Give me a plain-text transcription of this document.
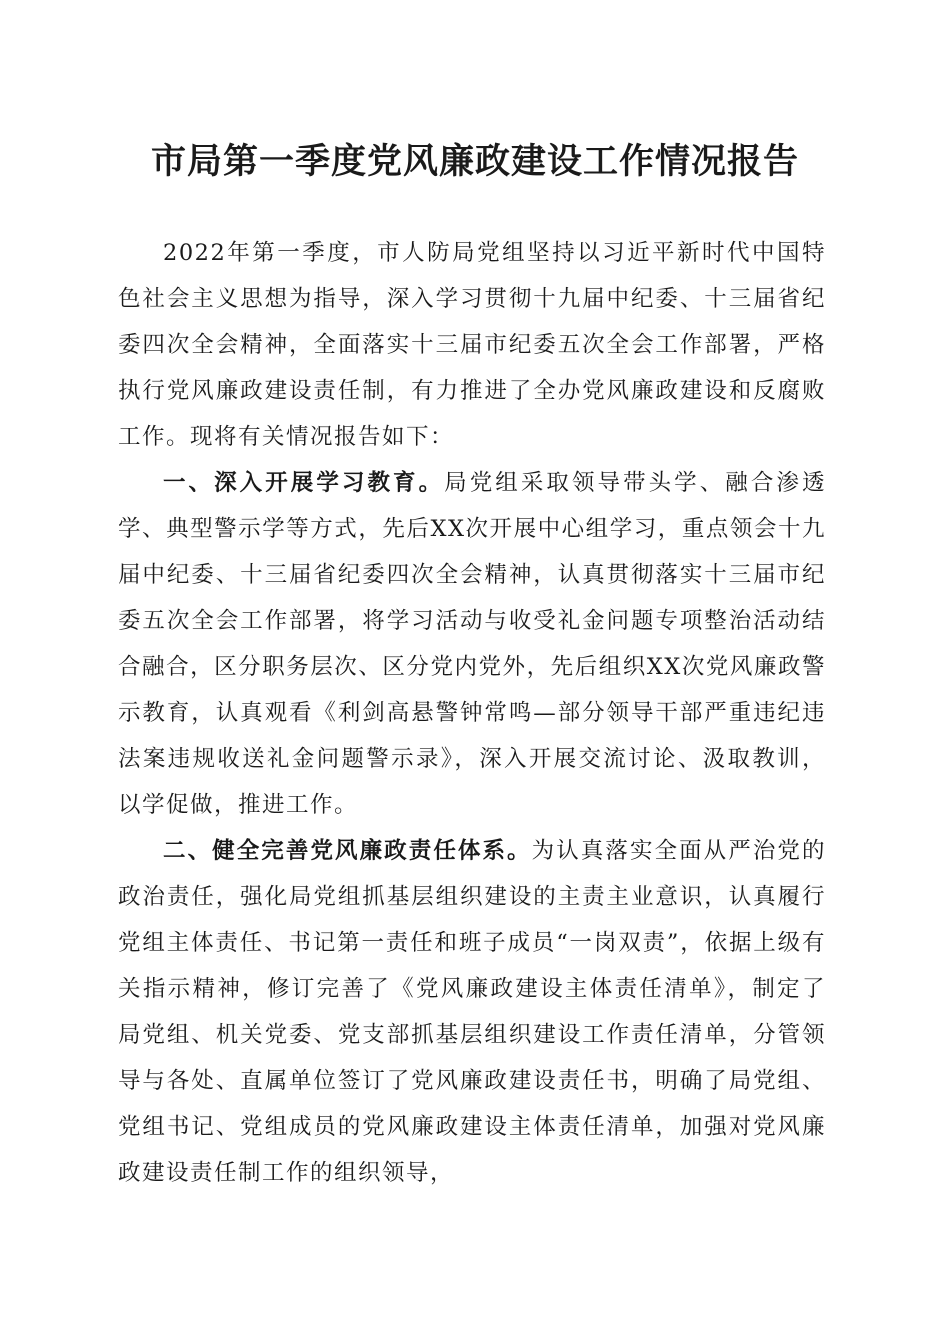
市局第一季度党风廉政建设工作情况报告

2022年第一季度，市人防局党组坚持以习近平新时代中国特色社会主义思想为指导，深入学习贯彻十九届中纪委、十三届省纪委四次全会精神，全面落实十三届市纪委五次全会工作部署，严格执行党风廉政建设责任制，有力推进了全办党风廉政建设和反腐败工作。现将有关情况报告如下：

一、深入开展学习教育。局党组采取领导带头学、融合渗透学、典型警示学等方式，先后XX次开展中心组学习，重点领会十九届中纪委、十三届省纪委四次全会精神，认真贯彻落实十三届市纪委五次全会工作部署，将学习活动与收受礼金问题专项整治活动结合融合，区分职务层次、区分党内党外，先后组织XX次党风廉政警示教育，认真观看《利剑高悬警钟常鸣—部分领导干部严重违纪违法案违规收送礼金问题警示录》，深入开展交流讨论、汲取教训，以学促做，推进工作。

二、健全完善党风廉政责任体系。为认真落实全面从严治党的政治责任，强化局党组抓基层组织建设的主责主业意识，认真履行党组主体责任、书记第一责任和班子成员“一岗双责”，依据上级有关指示精神，修订完善了《党风廉政建设主体责任清单》，制定了局党组、机关党委、党支部抓基层组织建设工作责任清单，分管领导与各处、直属单位签订了党风廉政建设责任书，明确了局党组、党组书记、党组成员的党风廉政建设主体责任清单，加强对党风廉政建设责任制工作的组织领导，
